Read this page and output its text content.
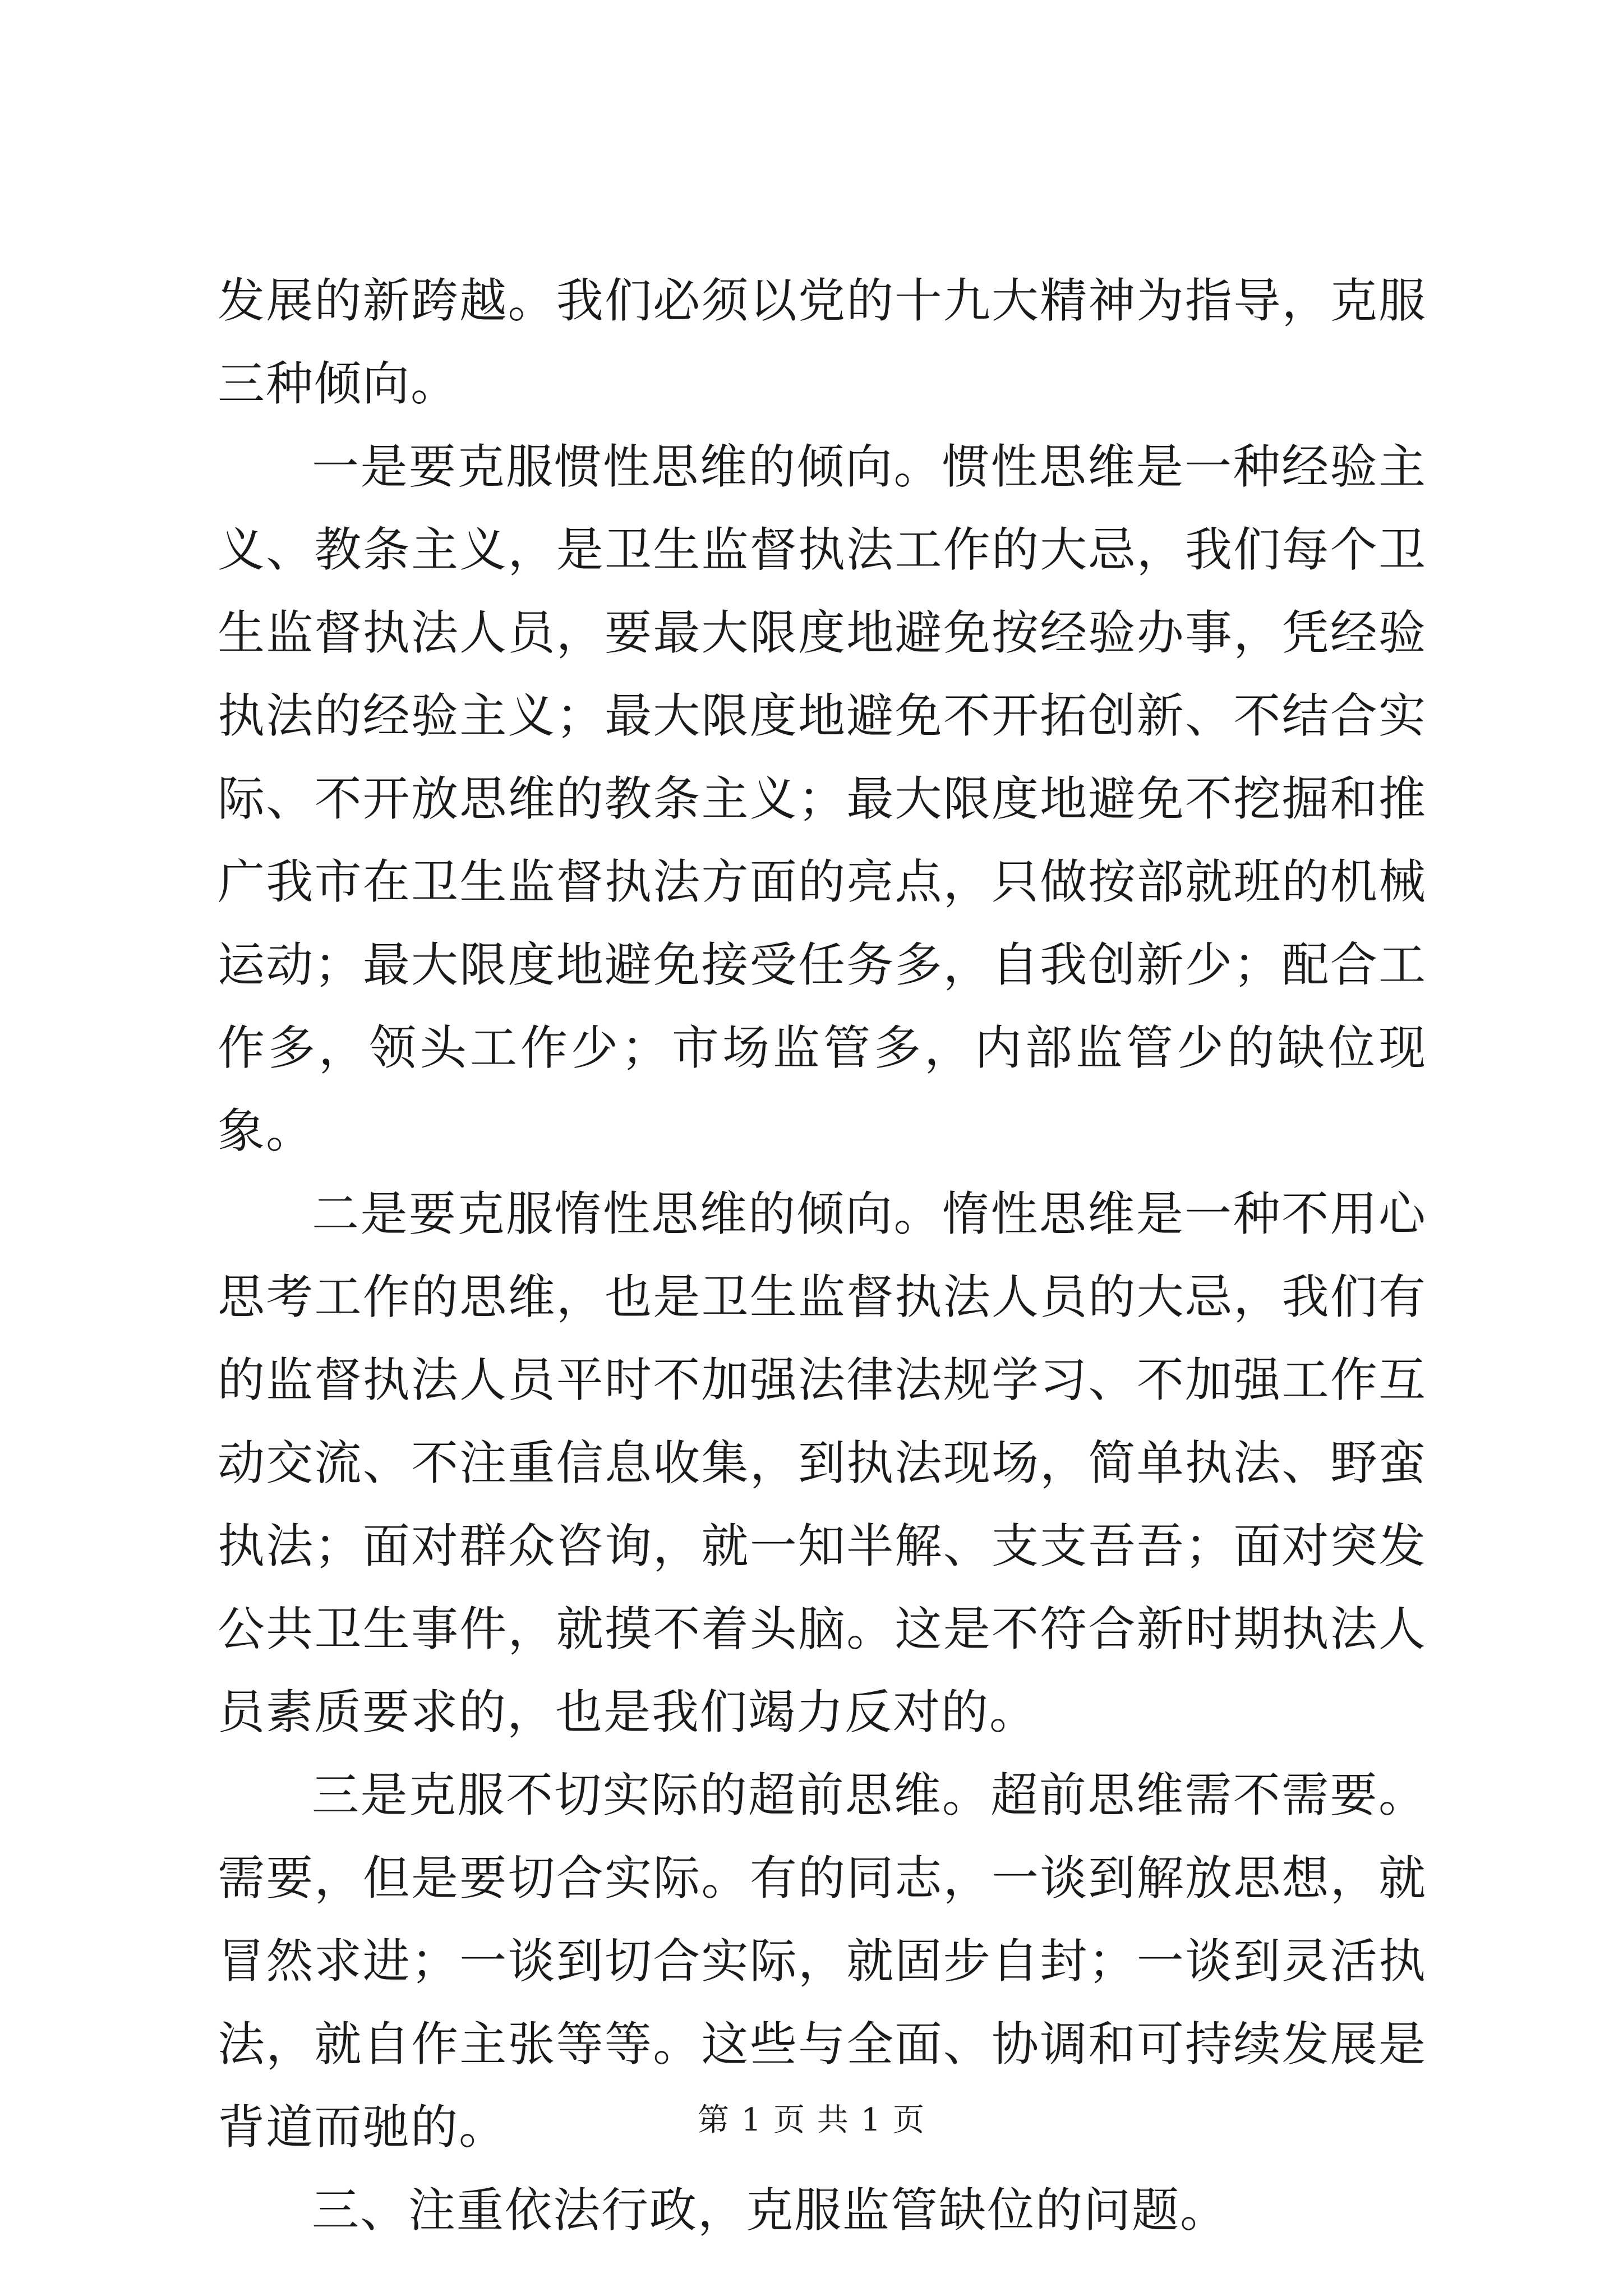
发展的新跨越。我们必须以党的十九大精神为指导，克服三种倾向。

一是要克服惯性思维的倾向。惯性思维是一种经验主义、教条主义，是卫生监督执法工作的大忌，我们每个卫生监督执法人员，要最大限度地避免按经验办事，凭经验执法的经验主义；最大限度地避免不开拓创新、不结合实际、不开放思维的教条主义；最大限度地避免不挖掘和推广我市在卫生监督执法方面的亮点，只做按部就班的机械运动；最大限度地避免接受任务多，自我创新少；配合工作多，领头工作少；市场监管多，内部监管少的缺位现象。

二是要克服惰性思维的倾向。惰性思维是一种不用心思考工作的思维，也是卫生监督执法人员的大忌，我们有的监督执法人员平时不加强法律法规学习、不加强工作互动交流、不注重信息收集，到执法现场，简单执法、野蛮执法；面对群众咨询，就一知半解、支支吾吾；面对突发公共卫生事件，就摸不着头脑。这是不符合新时期执法人员素质要求的，也是我们竭力反对的。

三是克服不切实际的超前思维。超前思维需不需要。需要，但是要切合实际。有的同志，一谈到解放思想，就冒然求进；一谈到切合实际，就固步自封；一谈到灵活执法，就自作主张等等。这些与全面、协调和可持续发展是背道而驰的。

三、注重依法行政，克服监管缺位的问题。

第 1 页 共 1 页
